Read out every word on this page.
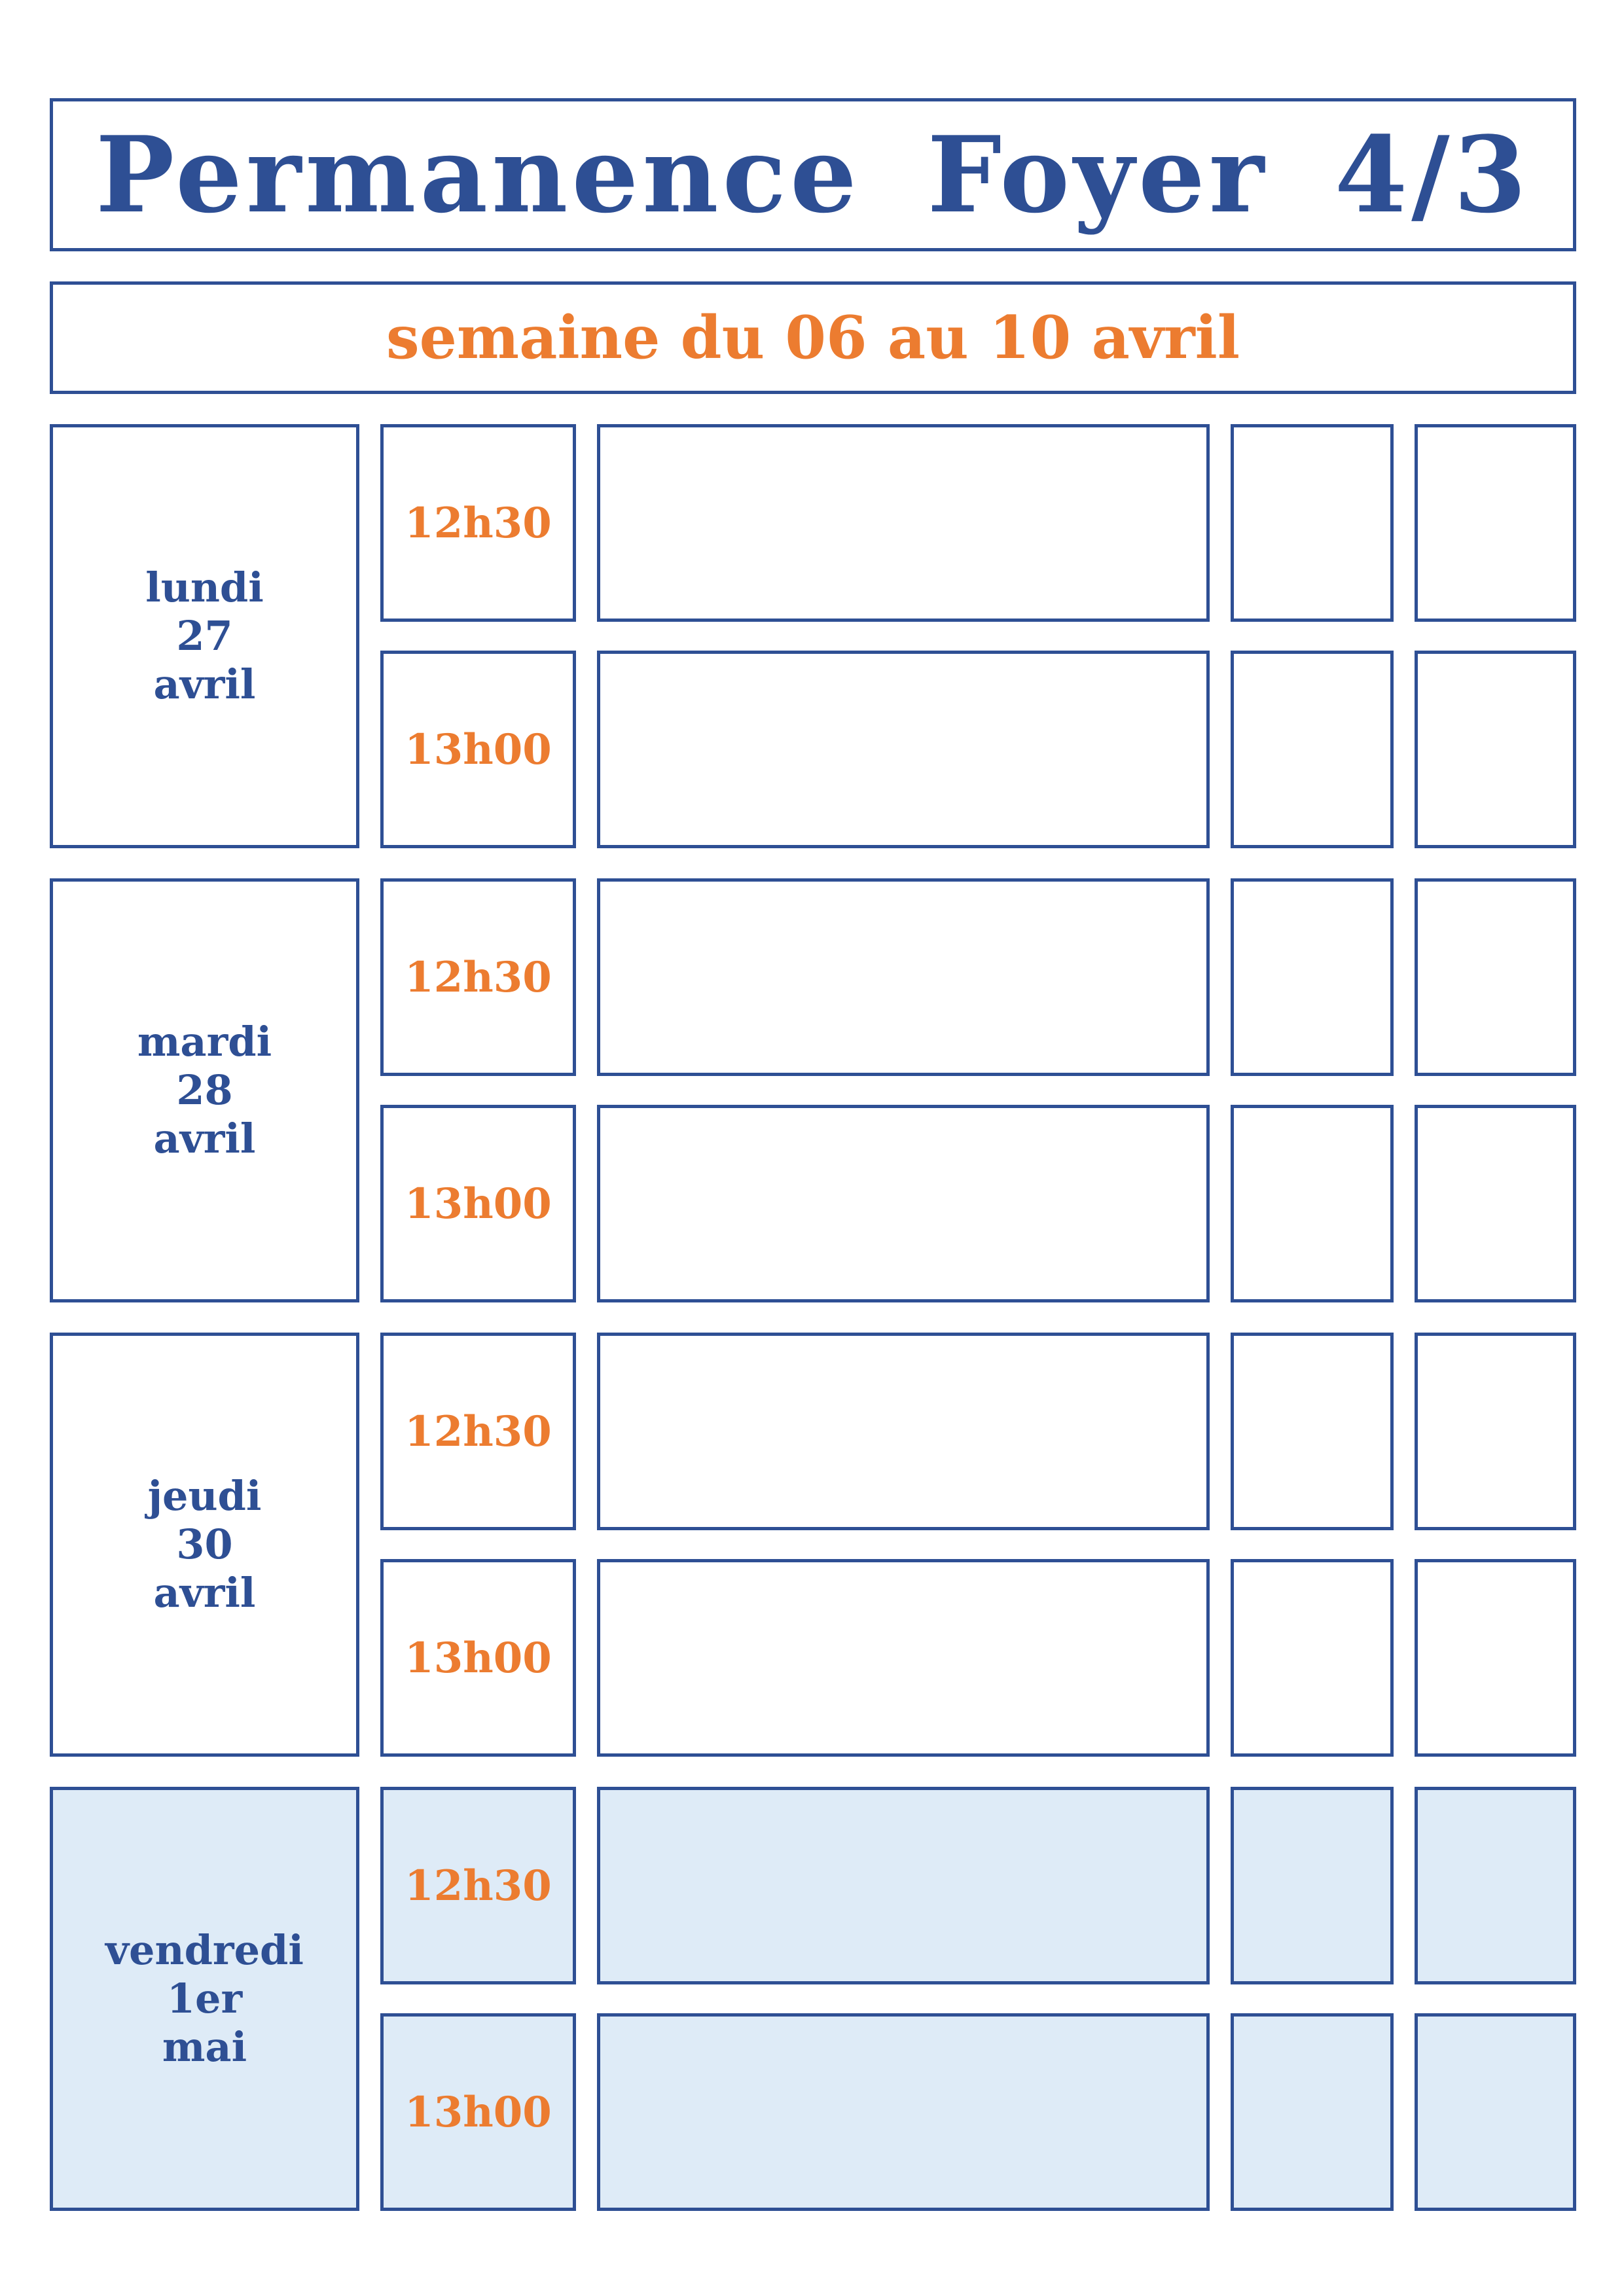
Permanence Foyer 4/3
semaine du 06 au 10 avril
lundi
27
avril
12h30
13h00
mardi
28
avril
12h30
13h00
jeudi
30
avril
12h30
13h00
vendredi
1er
mai
12h30
13h00
